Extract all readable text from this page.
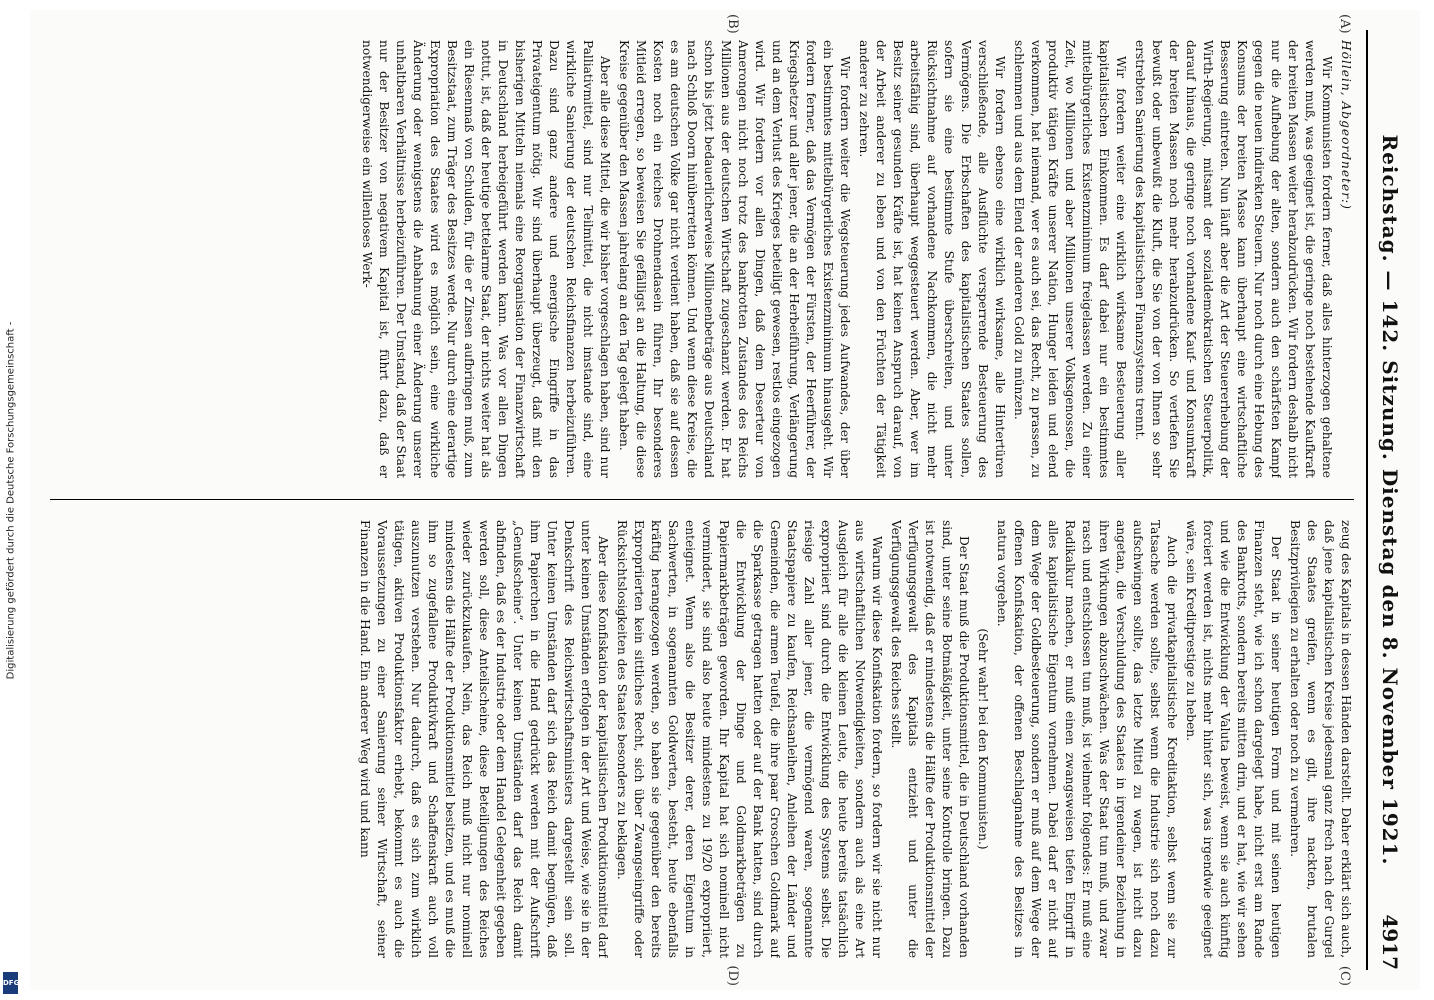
Digitalisierung gefördert durch die Deutsche Forschungsgemeinschaft -
DFG
Reichstag. — 142. Sitzung. Dienstag den 8. November 1921.
4917
(A)
(B)
(C)
(D)

Höllein, Abgeordneter:)

Wir Kommunisten fordern ferner, daß alles hinterzogen gehaltene werden muß, was geeignet ist, die geringe noch bestehende Kaufkraft der breiten Massen weiter herabzudrücken. Wir fordern deshalb nicht nur die Aufhebung der alten, sondern auch den schärfsten Kampf gegen die neuen indirekten Steuern. Nur noch durch eine Hebung des Konsums der breiten Masse kann überhaupt eine wirtschaftliche Besserung eintreten. Nun läuft aber die Art der Steuererhebung der Wirth-Regierung, mitsamt der sozialdemokratischen Steuerpolitik, darauf hinaus, die geringe noch vorhandene Kauf- und Konsumkraft der breiten Massen noch mehr herabzudrücken. So vertiefen Sie bewußt oder unbewußt die Kluft, die Sie von der von Ihnen so sehr erstrebten Sanierung des kapitalistischen Finanzsystems trennt.

Wir fordern weiter eine wirklich wirksame Besteuerung aller kapitalistischen Einkommen. Es darf dabei nur ein bestimmtes mittelbürgerliches Existenzminimum freigelassen werden. Zu einer Zeit, wo Millionen und aber Millionen unserer Volksgenossen, die produktiv tätigen Kräfte unserer Nation, Hunger leiden und elend verkommen, hat niemand, wer es auch sei, das Recht, zu prassen, zu schlemmen und aus dem Elend der anderen Gold zu münzen.

Wir fordern ebenso eine wirklich wirksame, alle Hintertüren verschließende, alle Ausflüchte versperrende Besteuerung des Vermögens. Die Erbschaften des kapitalistischen Staates sollen, sofern sie eine bestimmte Stufe überschreiten, und unter Rücksichtnahme auf vorhandene Nachkommen, die nicht mehr arbeitsfähig sind, überhaupt weggesteuert werden. Aber, wer im Besitz seiner gesunden Kräfte ist, hat keinen Anspruch darauf, von der Arbeit anderer zu leben und von den Früchten der Tätigkeit anderer zu zehren.

Wir fordern weiter die Wegsteuerung jedes Aufwandes, der über ein bestimmtes mittelbürgerliches Existenzminimum hinausgeht. Wir fordern ferner, daß das Vermögen der Fürsten, der Heerführer, der Kriegshetzer und aller jener, die an der Herbeiführung, Verlängerung und an dem Verlust des Krieges beteiligt gewesen, restlos eingezogen wird. Wir fordern vor allen Dingen, daß dem Deserteur von Amerongen nicht noch trotz des bankrotten Zustandes des Reichs Millionen aus der deutschen Wirtschaft zugeschanzt werden. Er hat schon bis jetzt bedauerlicherweise Millionenbeträge aus Deutschland nach Schloß Doorn hinüberretten können. Und wenn diese Kreise, die es am deutschen Volke gar nicht verdient haben, daß sie auf dessen Kosten noch ein reiches Drohnendasein führen, Ihr besonderes Mitleid erregen, so beweisen Sie gefälligst an die Haltung, die diese Kreise gegenüber den Massen jahrelang an den Tag gelegt haben.

Aber alle diese Mittel, die wir bisher vorgeschlagen haben, sind nur Palliativmittel, sind nur Teilmittel, die nicht imstande sind, eine wirkliche Sanierung der deutschen Reichsfinanzen herbeizuführen. Dazu sind ganz andere und energische Eingriffe in das Privateigentum nötig. Wir sind überhaupt überzeugt, daß mit den bisherigen Mitteln niemals eine Reorganisation der Finanzwirtschaft in Deutschland herbeigeführt werden kann. Was vor allen Dingen nottut, ist, daß der heutige bettelarme Staat, der nichts weiter hat als ein Riesenmaß von Schulden, für die er Zinsen aufbringen muß, zum Besitzstaat, zum Träger des Besitzes werde. Nur durch eine derartige Expropriation des Staates wird es möglich sein, eine wirkliche Änderung oder wenigstens die Anbahnung einer Änderung unserer unhaltbaren Verhältnisse herbeizuführen. Der Umstand, daß der Staat nur der Besitzer von negativem Kapital ist, führt dazu, daß er notwendigerweise ein willenloses Werk-

zeug des Kapitals in dessen Händen darstellt. Daher erklärt sich auch, daß jene kapitalistischen Kreise jedesmal ganz frech nach der Gurgel des Staates greifen, wenn es gilt, ihre nackten, brutalen Besitzprivilegien zu erhalten oder noch zu vermehren.

Der Staat in seiner heutigen Form und mit seinen heutigen Finanzen steht, wie ich schon dargelegt habe, nicht erst am Rande des Bankrotts, sondern bereits mitten drin, und er hat, wie wir sehen und wie die Entwicklung der Valuta beweist, wenn sie auch künftig forciert werden ist, nichts mehr hinter sich, was irgendwie geeignet wäre, sein Kreditprestige zu heben.

Auch die privatkapitalistische Kreditaktion, selbst wenn sie zur Tatsache werden sollte, selbst wenn die Industrie sich noch dazu aufschwingen sollte, das letzte Mittel zu wagen, ist nicht dazu angetan, die Verschuldung des Staates in irgendeiner Beziehung in ihren Wirkungen abzuschwächen. Was der Staat tun muß, und zwar rasch und entschlossen tun muß, ist vielmehr folgendes: Er muß eine Radikalkur machen, er muß einen zwangsweisen tiefen Eingriff in alles kapitalistische Eigentum vornehmen. Dabei darf er nicht auf dem Wege der Goldbesteuerung, sondern er muß auf dem Wege der offenen Konfiskation, der offenen Beschlagnahme des Besitzes in natura vorgehen.

(Sehr wahr! bei den Kommunisten.)

Der Staat muß die Produktionsmittel, die in Deutschland vorhanden sind, unter seine Botmäßigkeit, unter seine Kontrolle bringen. Dazu ist notwendig, daß er mindestens die Hälfte der Produktionsmittel der Verfügungsgewalt des Kapitals entzieht und unter die Verfügungsgewalt des Reiches stellt.

Warum wir diese Konfiskation fordern, so fordern wir sie nicht nur aus wirtschaftlichen Notwendigkeiten, sondern auch als eine Art Ausgleich für alle die kleinen Leute, die heute bereits tatsächlich expropriiert sind durch die Entwicklung des Systems selbst. Die riesige Zahl aller jener, die vermögend waren, sogenannte Staatspapiere zu kaufen, Reichsanleihen, Anleihen der Länder und Gemeinden, die armen Teufel, die ihre paar Groschen Goldmark auf die Sparkasse getragen hatten oder auf der Bank hatten, sind durch die Entwicklung der Dinge und Goldmarkbeträgen zu Papiermarkbeträgen geworden. Ihr Kapital hat sich nominell nicht vermindert, sie sind also heute mindestens zu 19/20 expropriiert, enteignet. Wenn also die Besitzer derer, deren Eigentum in Sachwerten, in sogenannten Goldwerten, besteht, heute ebenfalls kräftig herangezogen werden, so haben sie gegenüber den bereits Expropriierten kein sittliches Recht, sich über Zwangseingriffe oder Rücksichtslosigkeiten des Staates besonders zu beklagen.

Aber diese Konfiskation der kapitalistischen Produktionsmittel darf unter keinen Umständen erfolgen in der Art und Weise, wie sie in der Denkschrift des Reichswirtschaftsministers dargestellt sein soll. Unter keinen Umständen darf sich das Reich damit begnügen, daß ihm Papierchen in die Hand gedrückt werden mit der Aufschrift „Genußscheine“. Unter keinen Umständen darf das Reich damit abfinden, daß es der Industrie oder dem Handel Gelegenheit gegeben werden soll, diese Anteilscheine, diese Beteiligungen des Reiches wieder zurückzukaufen. Nein, das Reich muß nicht nur nominell mindestens die Hälfte der Produktionsmittel besitzen, und es muß die ihm so zugefallene Produktivkraft und Schaffenskraft auch voll auszunutzen verstehen. Nur dadurch, daß es sich zum wirklich tätigen, aktiven Produktionsfaktor erhebt, bekommt es auch die Voraussetzungen zu einer Sanierung seiner Wirtschaft, seiner Finanzen in die Hand. Ein anderer Weg wird und kann
